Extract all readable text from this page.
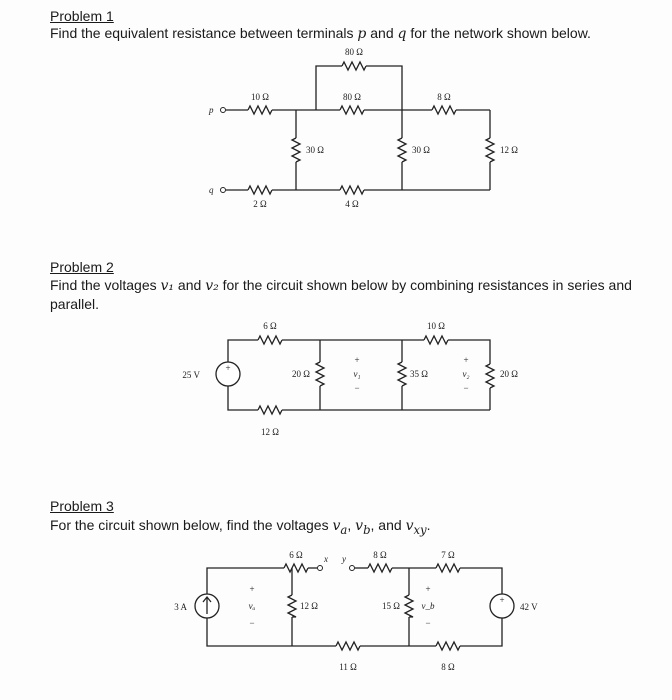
Problem 1

Find the equivalent resistance between terminals p and q for the network shown below.

p
q
80 Ω
10 Ω	80 Ω	8 Ω
30 Ω	30 Ω	12 Ω
2 Ω	4 Ω
Problem 2

Find the voltages v₁ and v₂ for the circuit shown below by combining resistances in series and parallel.

+
25 V
6 Ω	10 Ω
20 Ω	35 Ω	20 Ω
12 Ω
+
v₁
−
+
v₂
−
Problem 3

For the circuit shown below, find the voltages $v_a$, $v_b$, and $v_{xy}$.

x y
3 A
+
42 V
6 Ω	8 Ω	7 Ω
12 Ω	15 Ω
11 Ω	8 Ω
+
vₐ
−
+
v_b
−
